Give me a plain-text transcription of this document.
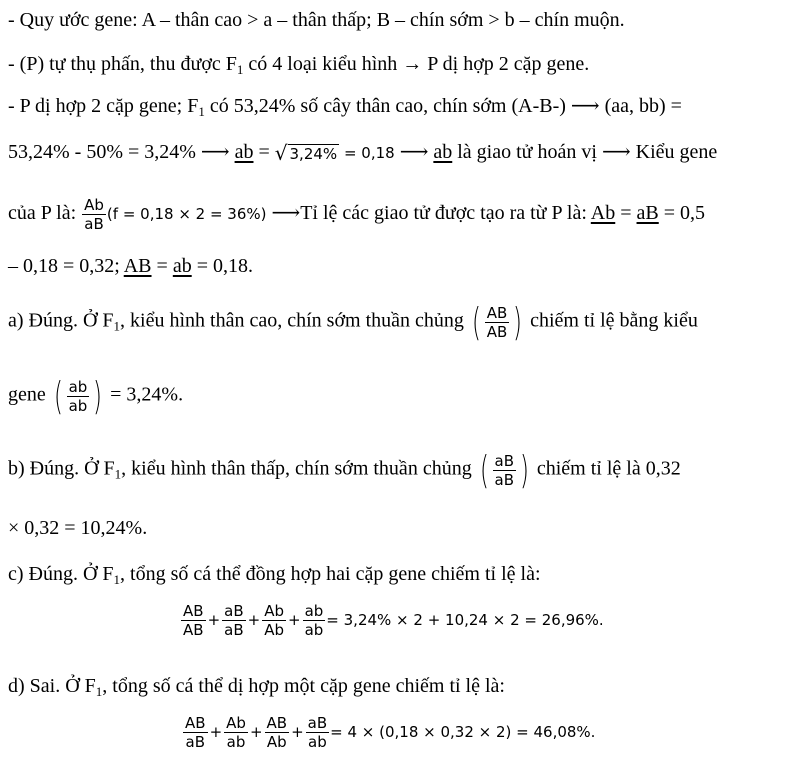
- Quy ước gene: A – thân cao > a – thân thấp; B – chín sớm > b – chín muộn.
- (P) tự thụ phấn, thu được $F_1$ có 4 loại kiểu hình → P dị hợp 2 cặp gene.
- P dị hợp 2 cặp gene; $F_1$ có 53,24% số cây thân cao, chín sớm (A-B-) ⟶ (aa, bb) =
53,24% - 50% = 3,24% ⟶ ab = √ 3,24% = 0,18 ⟶ ab là giao tử hoán vị ⟶ Kiểu gene
của P là: $\frac{Ab}{aB} (f = 0,18 \times 2 = 36\%)$ ⟶Tỉ lệ các giao tử được tạo ra từ P là: Ab = aB = 0,5
– 0,18 = 0,32; AB = ab = 0,18.
a) Đúng. Ở $F_1$, kiểu hình thân cao, chín sớm thuần chủng ( $\frac{AB}{AB}$ ) chiếm tỉ lệ bằng kiểu
gene ( $\frac{ab}{ab}$ ) = 3,24%.
b) Đúng. Ở $F_1$, kiểu hình thân thấp, chín sớm thuần chủng ( $\frac{aB}{aB}$ ) chiếm tỉ lệ là 0,32
× 0,32 = 10,24%.
c) Đúng. Ở $F_1$, tổng số cá thể đồng hợp hai cặp gene chiếm tỉ lệ là:
$\frac{AB}{AB} + \frac{aB}{aB} + \frac{Ab}{Ab} + \frac{ab}{ab} = 3,24\% \times 2 + 10,24 \times 2 = 26,96\%$.
d) Sai. Ở $F_1$, tổng số cá thể dị hợp một cặp gene chiếm tỉ lệ là:
$\frac{AB}{aB} + \frac{Ab}{ab} + \frac{AB}{Ab} + \frac{aB}{ab} = 4 \times (0,18 \times 0,32 \times 2) = 46,08\%$.
